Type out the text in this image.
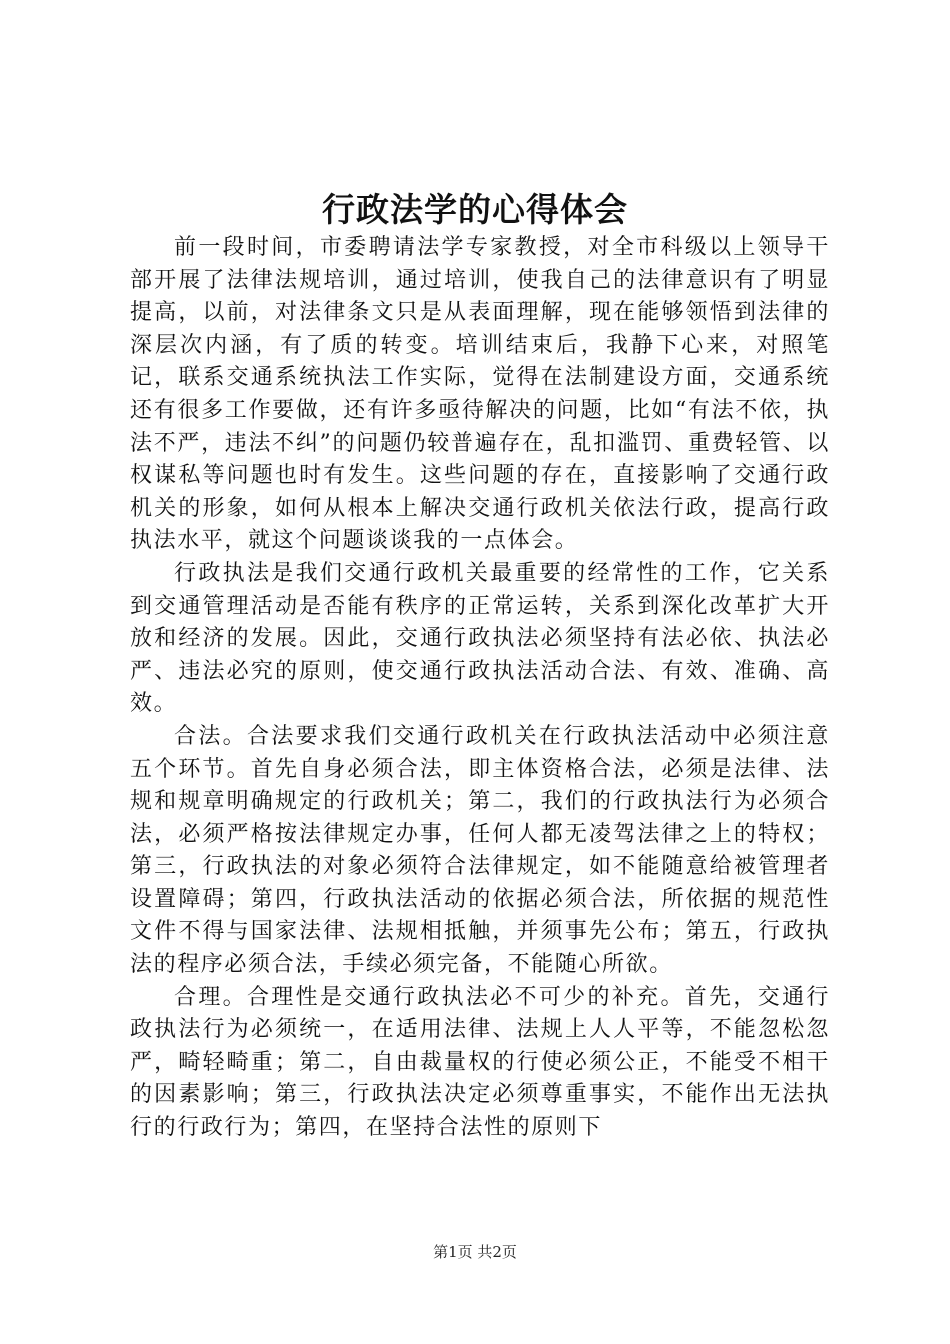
行政法学的心得体会

前一段时间，市委聘请法学专家教授，对全市科级以上领导干部开展了法律法规培训，通过培训，使我自己的法律意识有了明显提高，以前，对法律条文只是从表面理解，现在能够领悟到法律的深层次内涵，有了质的转变。培训结束后，我静下心来，对照笔记，联系交通系统执法工作实际，觉得在法制建设方面，交通系统还有很多工作要做，还有许多亟待解决的问题，比如“有法不依，执法不严，违法不纠”的问题仍较普遍存在，乱扣滥罚、重费轻管、以权谋私等问题也时有发生。这些问题的存在，直接影响了交通行政机关的形象，如何从根本上解决交通行政机关依法行政，提高行政执法水平，就这个问题谈谈我的一点体会。

行政执法是我们交通行政机关最重要的经常性的工作，它关系到交通管理活动是否能有秩序的正常运转，关系到深化改革扩大开放和经济的发展。因此，交通行政执法必须坚持有法必依、执法必严、违法必究的原则，使交通行政执法活动合法、有效、准确、高效。

合法。合法要求我们交通行政机关在行政执法活动中必须注意五个环节。首先自身必须合法，即主体资格合法，必须是法律、法规和规章明确规定的行政机关；第二，我们的行政执法行为必须合法，必须严格按法律规定办事，任何人都无凌驾法律之上的特权；第三，行政执法的对象必须符合法律规定，如不能随意给被管理者设置障碍；第四，行政执法活动的依据必须合法，所依据的规范性文件不得与国家法律、法规相抵触，并须事先公布；第五，行政执法的程序必须合法，手续必须完备，不能随心所欲。

合理。合理性是交通行政执法必不可少的补充。首先，交通行政执法行为必须统一，在适用法律、法规上人人平等，不能忽松忽严，畸轻畸重；第二，自由裁量权的行使必须公正，不能受不相干的因素影响；第三，行政执法决定必须尊重事实，不能作出无法执行的行政行为；第四，在坚持合法性的原则下

第1页 共2页
